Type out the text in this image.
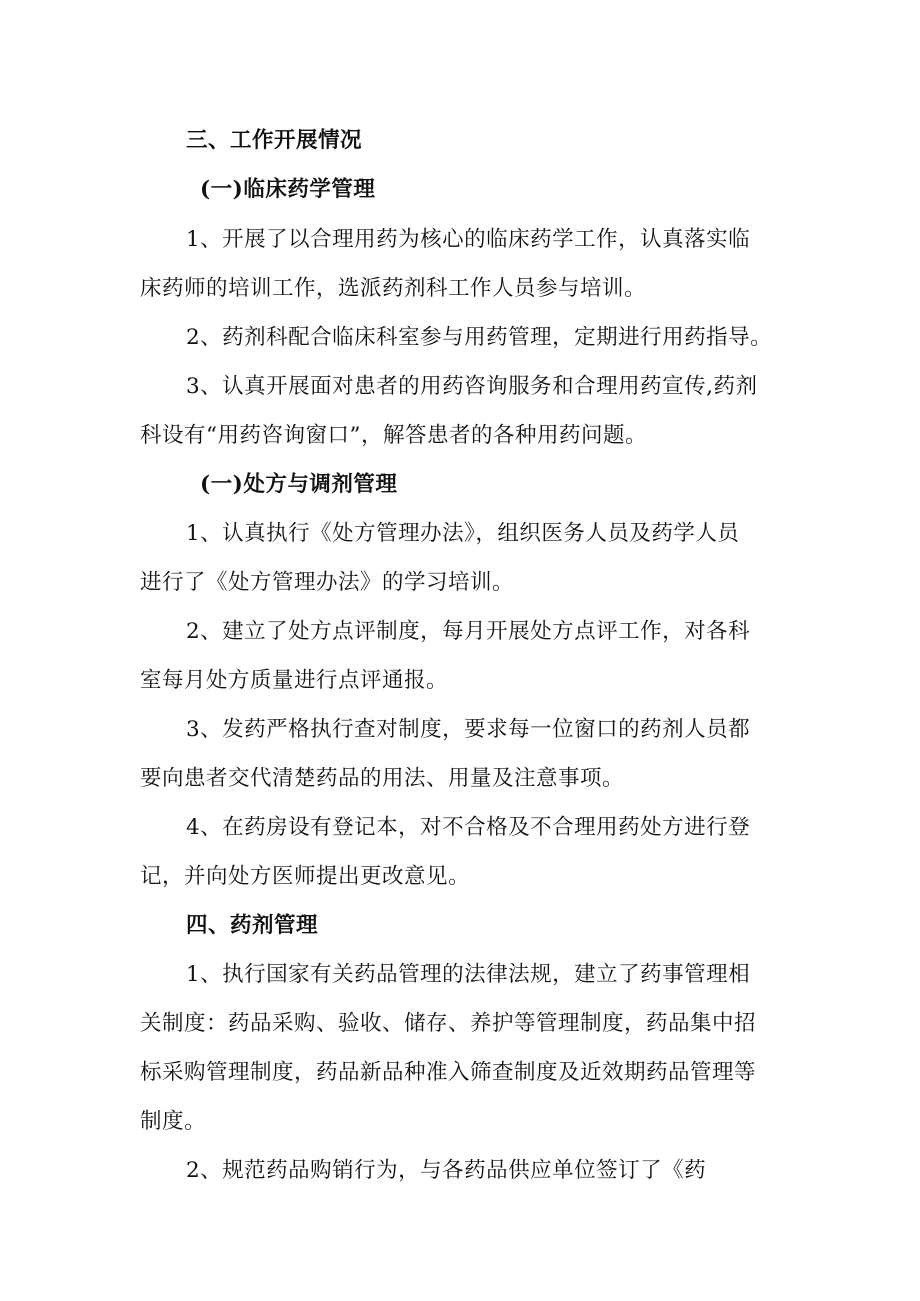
三、工作开展情况
(一)临床药学管理
1、开展了以合理用药为核心的临床药学工作，认真落实临
床药师的培训工作，选派药剂科工作人员参与培训。
2、药剂科配合临床科室参与用药管理，定期进行用药指导。
3、认真开展面对患者的用药咨询服务和合理用药宣传,药剂
科设有“用药咨询窗口”，解答患者的各种用药问题。
(一)处方与调剂管理
1、认真执行《处方管理办法》，组织医务人员及药学人员
进行了《处方管理办法》的学习培训。
2、建立了处方点评制度，每月开展处方点评工作，对各科
室每月处方质量进行点评通报。
3、发药严格执行查对制度，要求每一位窗口的药剂人员都
要向患者交代清楚药品的用法、用量及注意事项。
4、在药房设有登记本，对不合格及不合理用药处方进行登
记，并向处方医师提出更改意见。
四、药剂管理
1、执行国家有关药品管理的法律法规，建立了药事管理相
关制度：药品采购、验收、储存、养护等管理制度，药品集中招
标采购管理制度，药品新品种准入筛查制度及近效期药品管理等
制度。
2、规范药品购销行为，与各药品供应单位签订了《药
